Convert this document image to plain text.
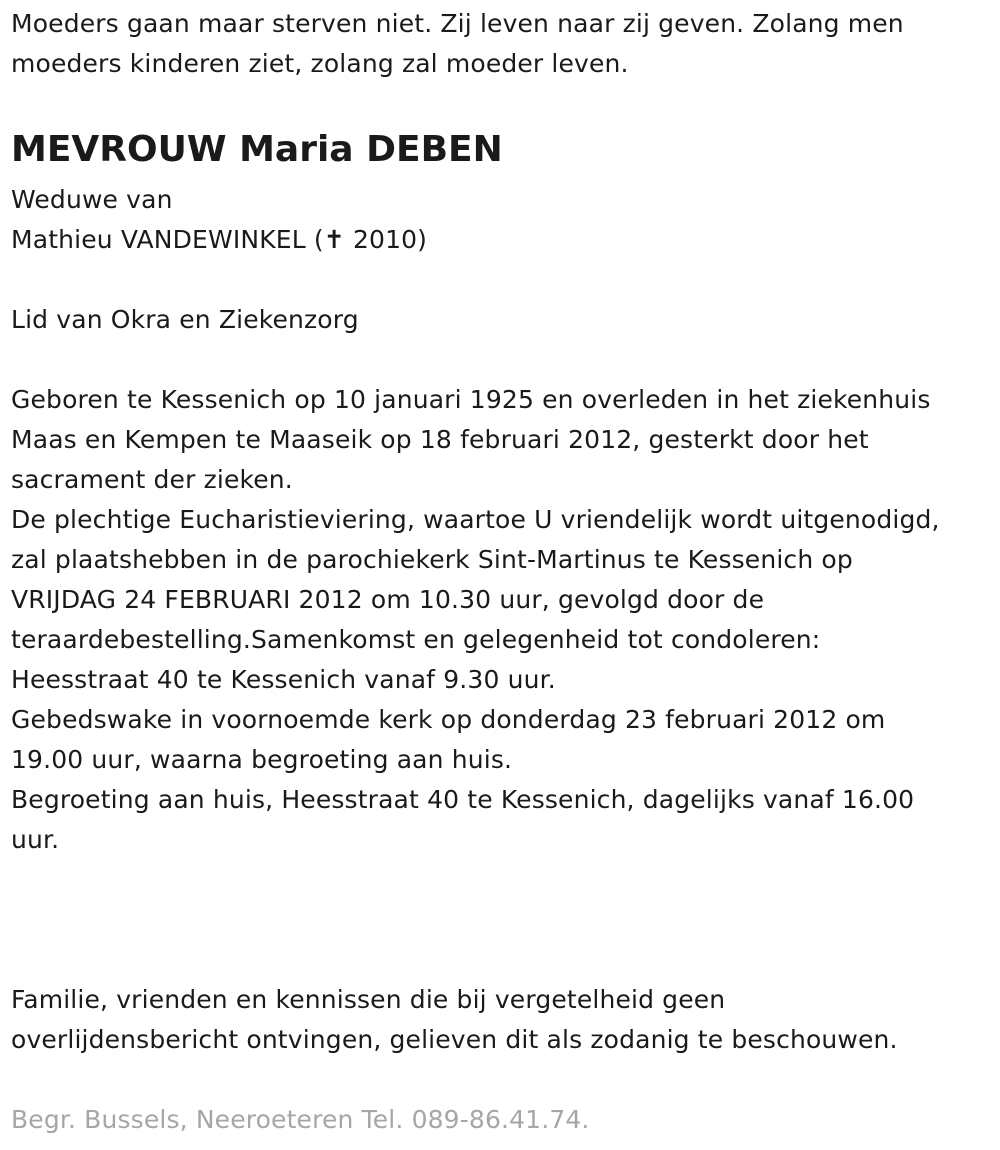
Moeders gaan maar sterven niet. Zij leven naar zij geven. Zolang men
moeders kinderen ziet, zolang zal moeder leven.
MEVROUW Maria DEBEN
Weduwe van
Mathieu VANDEWINKEL (✝ 2010)
Lid van Okra en Ziekenzorg
Geboren te Kessenich op 10 januari 1925 en overleden in het ziekenhuis
Maas en Kempen te Maaseik op 18 februari 2012, gesterkt door het
sacrament der zieken.
De plechtige Eucharistieviering, waartoe U vriendelijk wordt uitgenodigd,
zal plaatshebben in de parochiekerk Sint-Martinus te Kessenich op
VRIJDAG 24 FEBRUARI 2012 om 10.30 uur, gevolgd door de
teraardebestelling.Samenkomst en gelegenheid tot condoleren:
Heesstraat 40 te Kessenich vanaf 9.30 uur.
Gebedswake in voornoemde kerk op donderdag 23 februari 2012 om
19.00 uur, waarna begroeting aan huis.
Begroeting aan huis, Heesstraat 40 te Kessenich, dagelijks vanaf 16.00
uur.
Familie, vrienden en kennissen die bij vergetelheid geen
overlijdensbericht ontvingen, gelieven dit als zodanig te beschouwen.
Begr. Bussels, Neeroeteren Tel. 089-86.41.74.
